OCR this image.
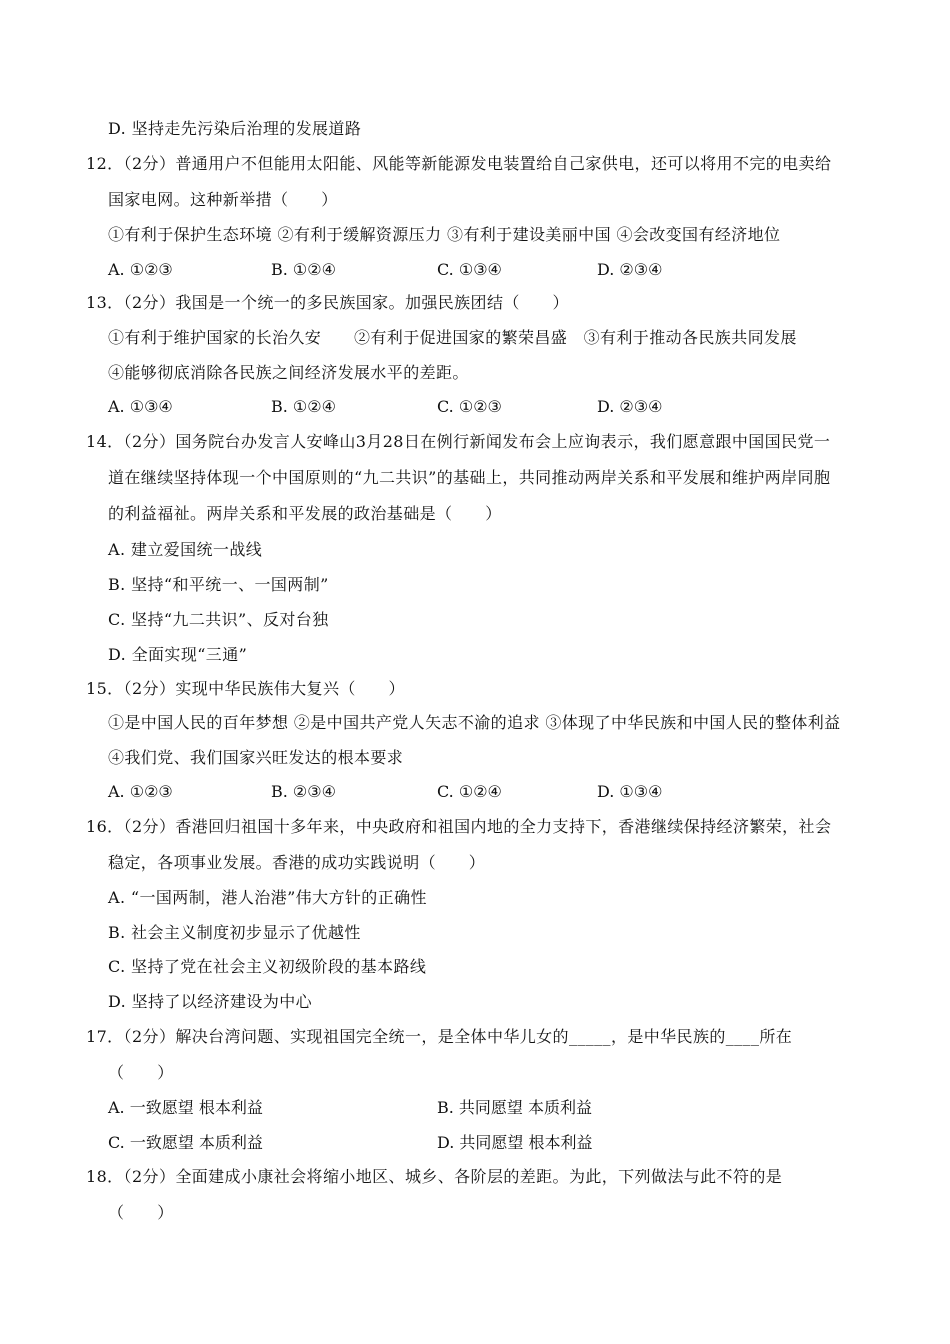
D. 坚持走先污染后治理的发展道路
12．（2分）普通用户不但能用太阳能、风能等新能源发电装置给自己家供电，还可以将用不完的电卖给
国家电网。这种新举措（　　）
①有利于保护生态环境 ②有利于缓解资源压力 ③有利于建设美丽中国 ④会改变国有经济地位
A. ①②③	B. ①②④	C. ①③④	D. ②③④
13．（2分）我国是一个统一的多民族国家。加强民族团结（　　）
①有利于维护国家的长治久安　　②有利于促进国家的繁荣昌盛　③有利于推动各民族共同发展
④能够彻底消除各民族之间经济发展水平的差距。
A. ①③④	B. ①②④	C. ①②③	D. ②③④
14．（2分）国务院台办发言人安峰山3月28日在例行新闻发布会上应询表示，我们愿意跟中国国民党一
道在继续坚持体现一个中国原则的“九二共识”的基础上，共同推动两岸关系和平发展和维护两岸同胞
的利益福祉。两岸关系和平发展的政治基础是（　　）
A. 建立爱国统一战线
B. 坚持“和平统一、一国两制”
C. 坚持“九二共识”、反对台独
D. 全面实现“三通”
15．（2分）实现中华民族伟大复兴（　　）
①是中国人民的百年梦想 ②是中国共产党人矢志不渝的追求 ③体现了中华民族和中国人民的整体利益
④我们党、我们国家兴旺发达的根本要求
A. ①②③	B. ②③④	C. ①②④	D. ①③④
16．（2分）香港回归祖国十多年来，中央政府和祖国内地的全力支持下，香港继续保持经济繁荣，社会
稳定，各项事业发展。香港的成功实践说明（　　）
A. “一国两制，港人治港”伟大方针的正确性
B. 社会主义制度初步显示了优越性
C. 坚持了党在社会主义初级阶段的基本路线
D. 坚持了以经济建设为中心
17．（2分）解决台湾问题、实现祖国完全统一，是全体中华儿女的_____，是中华民族的____所在
（　　）
A. 一致愿望 根本利益	B. 共同愿望 本质利益
C. 一致愿望 本质利益	D. 共同愿望 根本利益
18．（2分）全面建成小康社会将缩小地区、城乡、各阶层的差距。为此，下列做法与此不符的是
（　　）
